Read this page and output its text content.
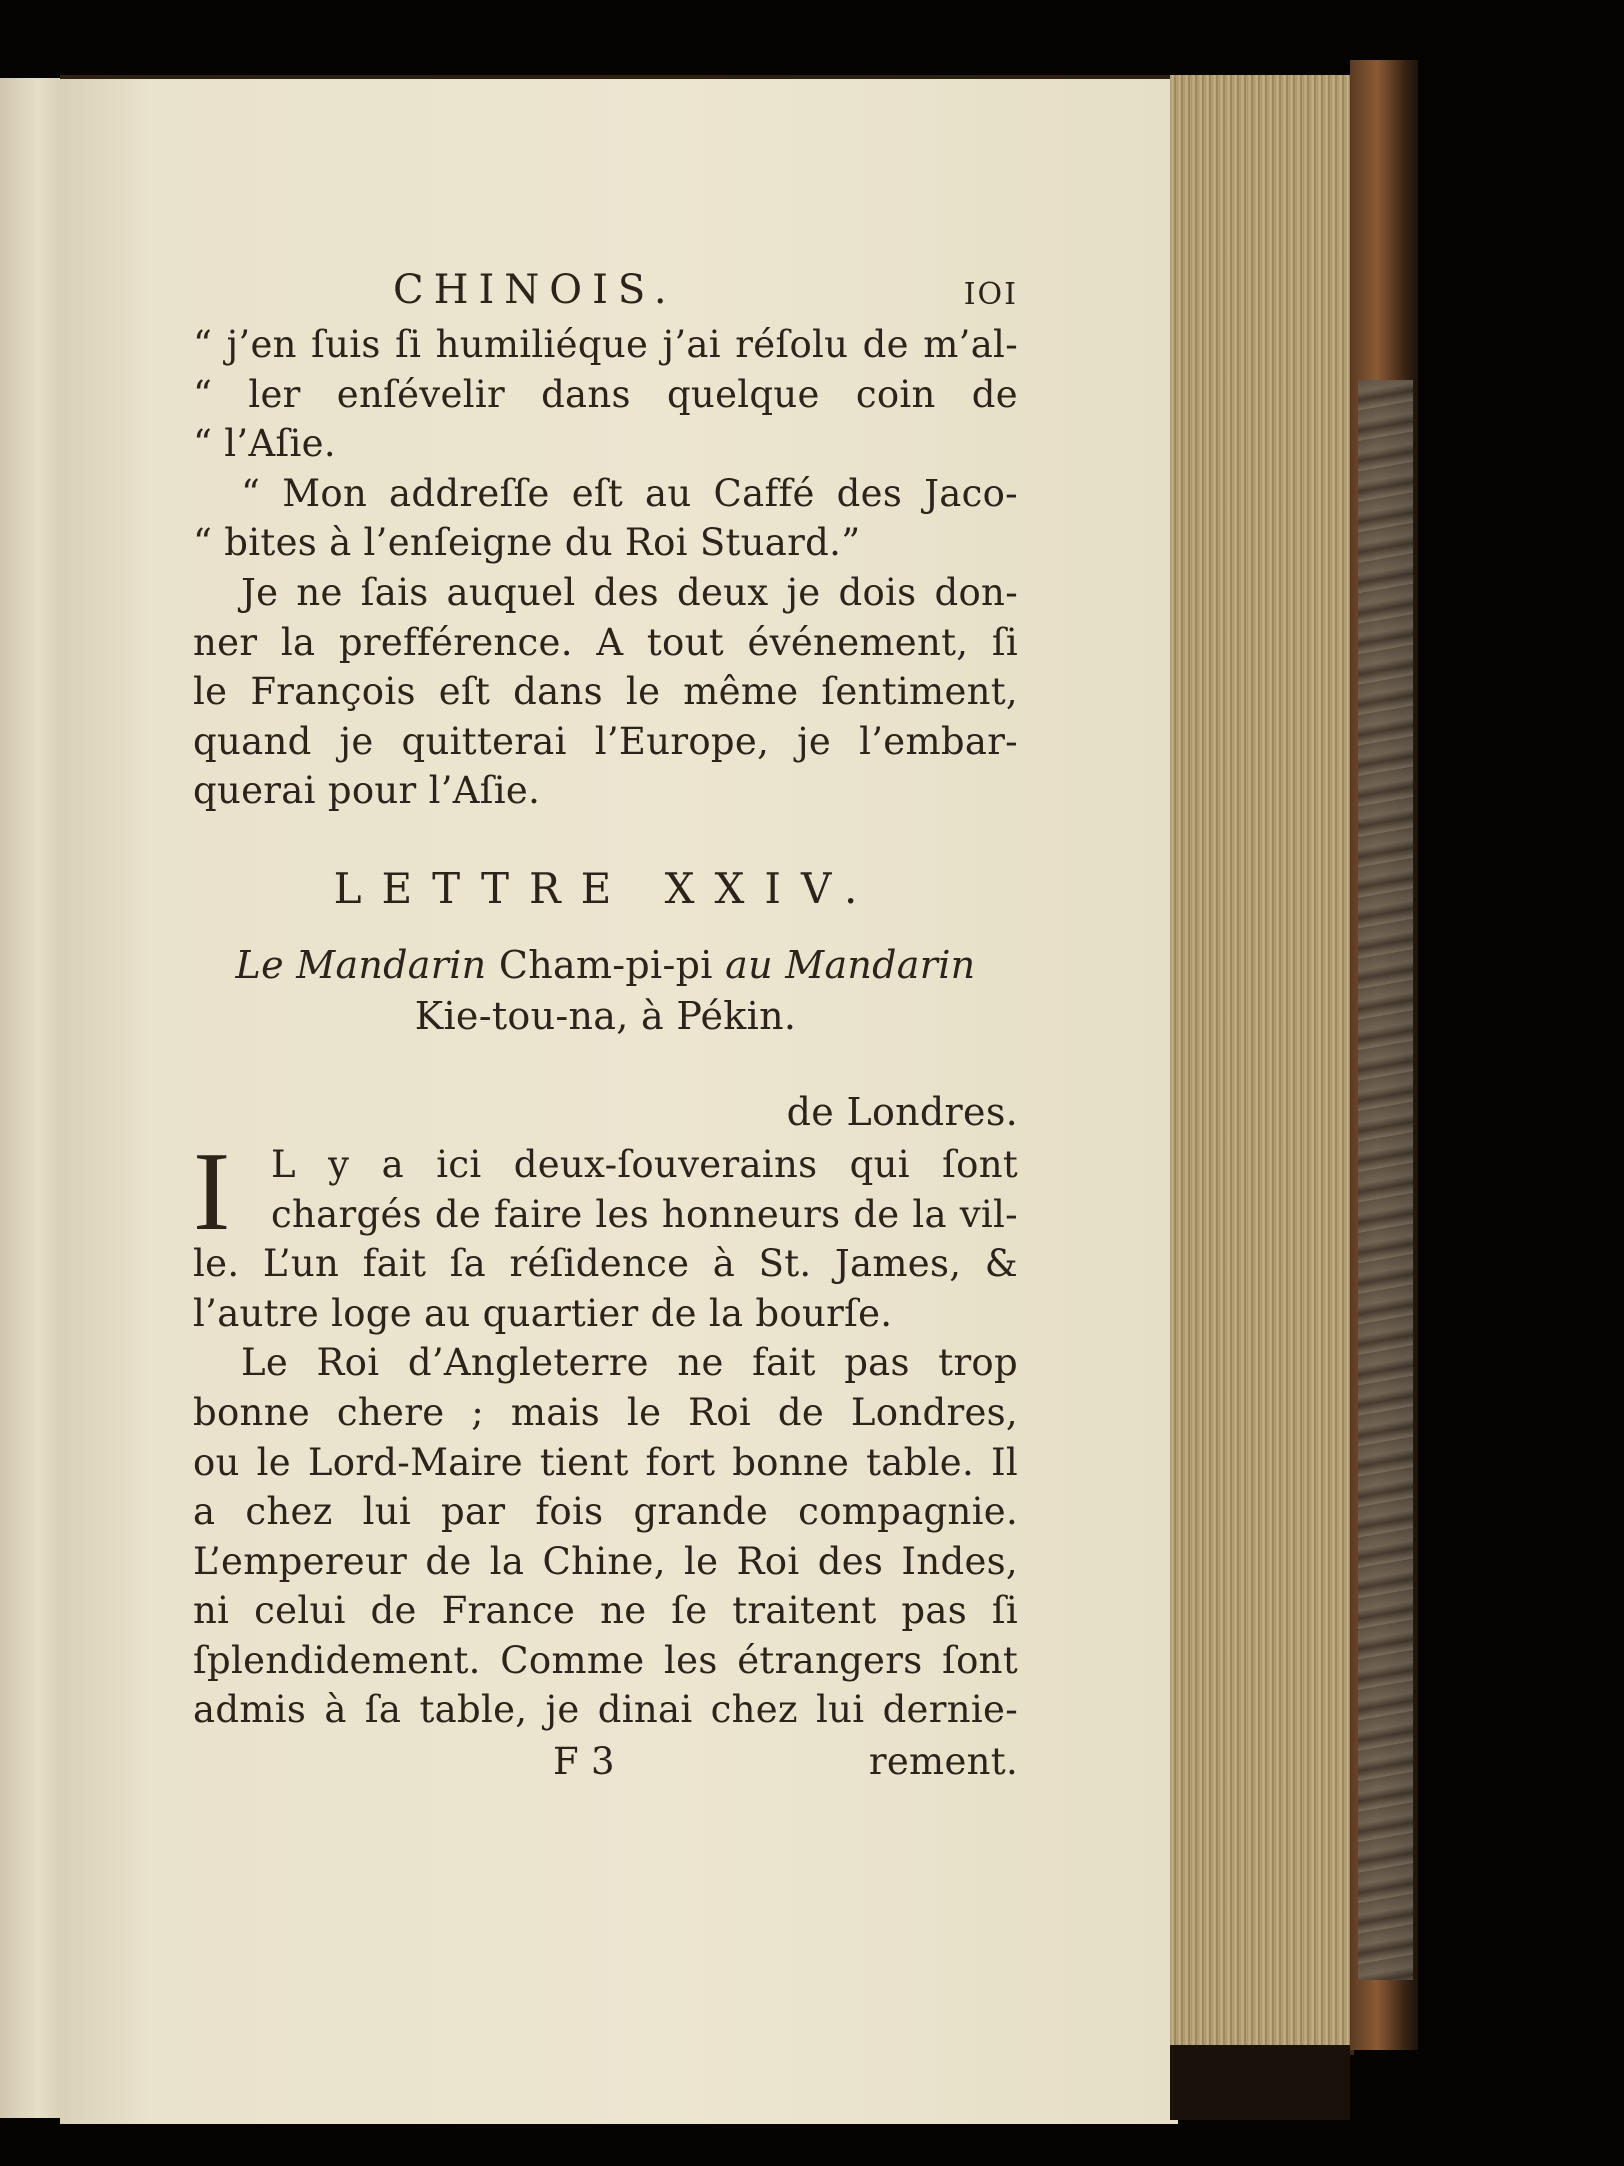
CHINOIS.	IOI
“ j’en ſuis ſi humiliéque j’ai réſolu de m’al-
“ ler enſévelir dans quelque coin de
“ l’Aſie.
“ Mon addreſſe eſt au Caffé des Jaco-
“ bites à l’enſeigne du Roi Stuard.”
Je ne ſais auquel des deux je dois don-
ner la prefférence. A tout événement, ſi
le François eſt dans le même ſentiment,
quand je quitterai l’Europe, je l’embar-
querai pour l’Aſie.
LETTRE XXIV.
Le Mandarin Cham-pi-pi au Mandarin
Kie-tou-na, à Pékin.
de Londres.
I	L y a ici deux-ſouverains qui ſont
chargés de faire les honneurs de la vil-
le. L’un fait ſa réſidence à St. James, &
l’autre loge au quartier de la bourſe.
Le Roi d’Angleterre ne fait pas trop
bonne chere ; mais le Roi de Londres,
ou le Lord-Maire tient fort bonne table. Il
a chez lui par fois grande compagnie.
L’empereur de la Chine, le Roi des Indes,
ni celui de France ne ſe traitent pas ſi
ſplendidement. Comme les étrangers ſont
admis à ſa table, je dinai chez lui dernie-
F 3	rement.
